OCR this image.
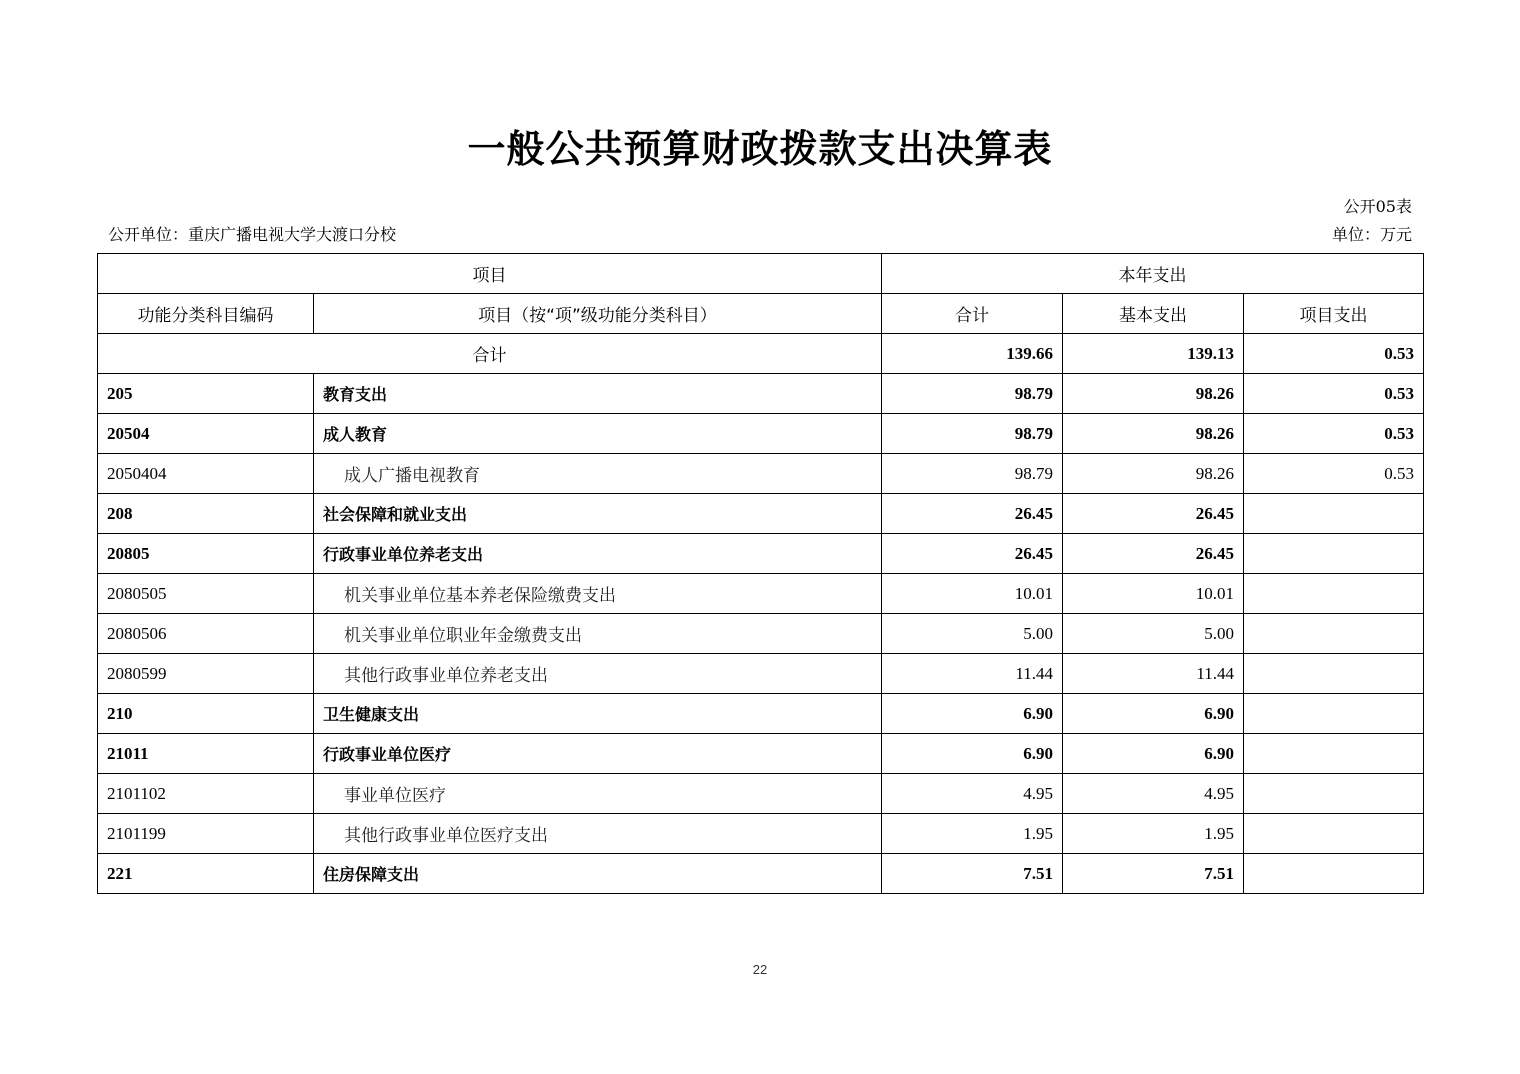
一般公共预算财政拨款支出决算表
公开05表
公开单位：重庆广播电视大学大渡口分校	单位：万元
项目		本年支出		
功能分类科目编码	项目（按“项”级功能分类科目）	合计	基本支出	项目支出
合计		139.66	139.13	0.53
205	教育支出	98.79	98.26	0.53
20504	成人教育	98.79	98.26	0.53
2050404	成人广播电视教育	98.79	98.26	0.53
208	社会保障和就业支出	26.45	26.45	
20805	行政事业单位养老支出	26.45	26.45	
2080505	机关事业单位基本养老保险缴费支出	10.01	10.01	
2080506	机关事业单位职业年金缴费支出	5.00	5.00	
2080599	其他行政事业单位养老支出	11.44	11.44	
210	卫生健康支出	6.90	6.90	
21011	行政事业单位医疗	6.90	6.90	
2101102	事业单位医疗	4.95	4.95	
2101199	其他行政事业单位医疗支出	1.95	1.95	
221	住房保障支出	7.51	7.51	
22
